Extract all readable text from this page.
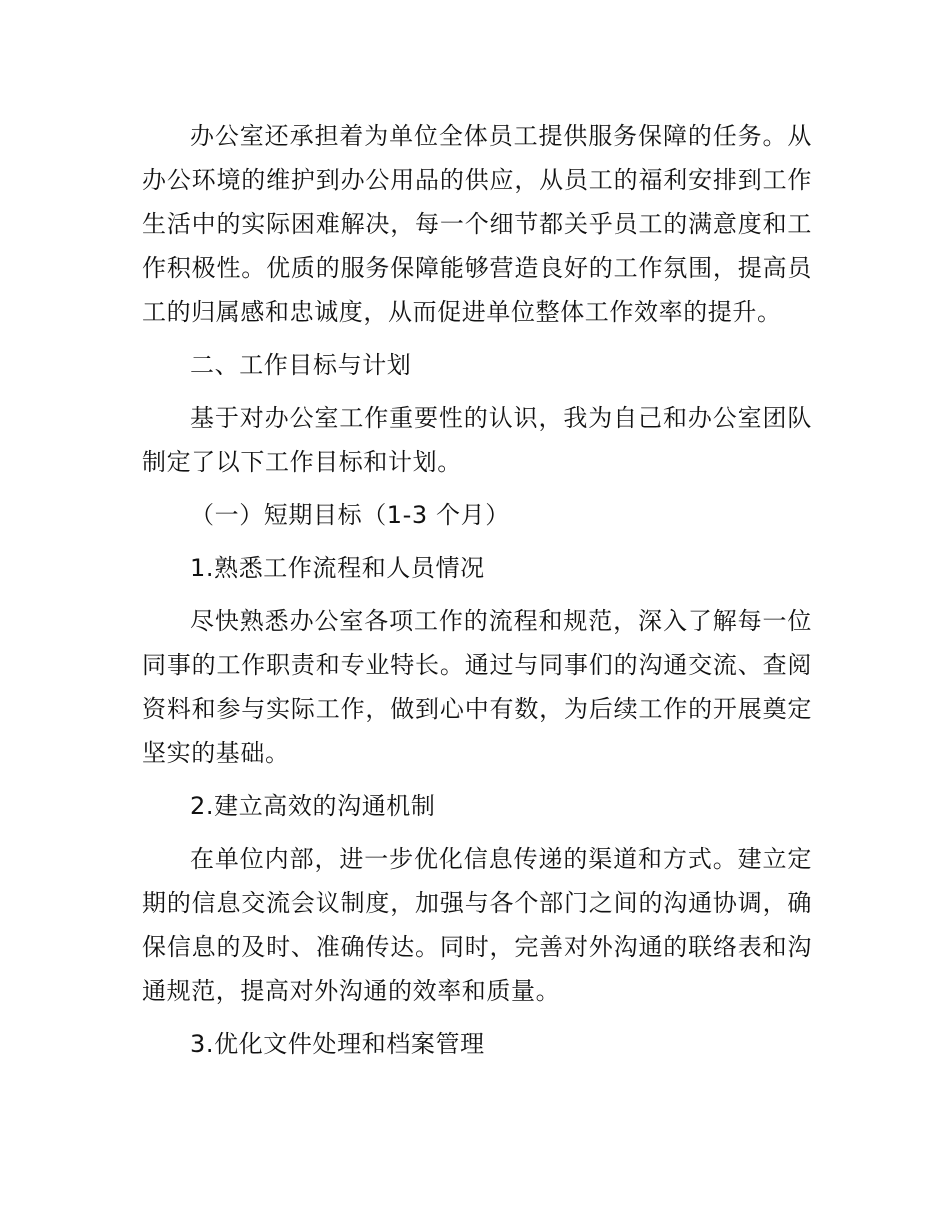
办公室还承担着为单位全体员工提供服务保障的任务。从办公环境的维护到办公用品的供应，从员工的福利安排到工作生活中的实际困难解决，每一个细节都关乎员工的满意度和工作积极性。优质的服务保障能够营造良好的工作氛围，提高员工的归属感和忠诚度，从而促进单位整体工作效率的提升。

二、工作目标与计划

基于对办公室工作重要性的认识，我为自己和办公室团队制定了以下工作目标和计划。

（一）短期目标（1-3 个月）

1.熟悉工作流程和人员情况

尽快熟悉办公室各项工作的流程和规范，深入了解每一位同事的工作职责和专业特长。通过与同事们的沟通交流、查阅资料和参与实际工作，做到心中有数，为后续工作的开展奠定坚实的基础。

2.建立高效的沟通机制

在单位内部，进一步优化信息传递的渠道和方式。建立定期的信息交流会议制度，加强与各个部门之间的沟通协调，确保信息的及时、准确传达。同时，完善对外沟通的联络表和沟通规范，提高对外沟通的效率和质量。

3.优化文件处理和档案管理
